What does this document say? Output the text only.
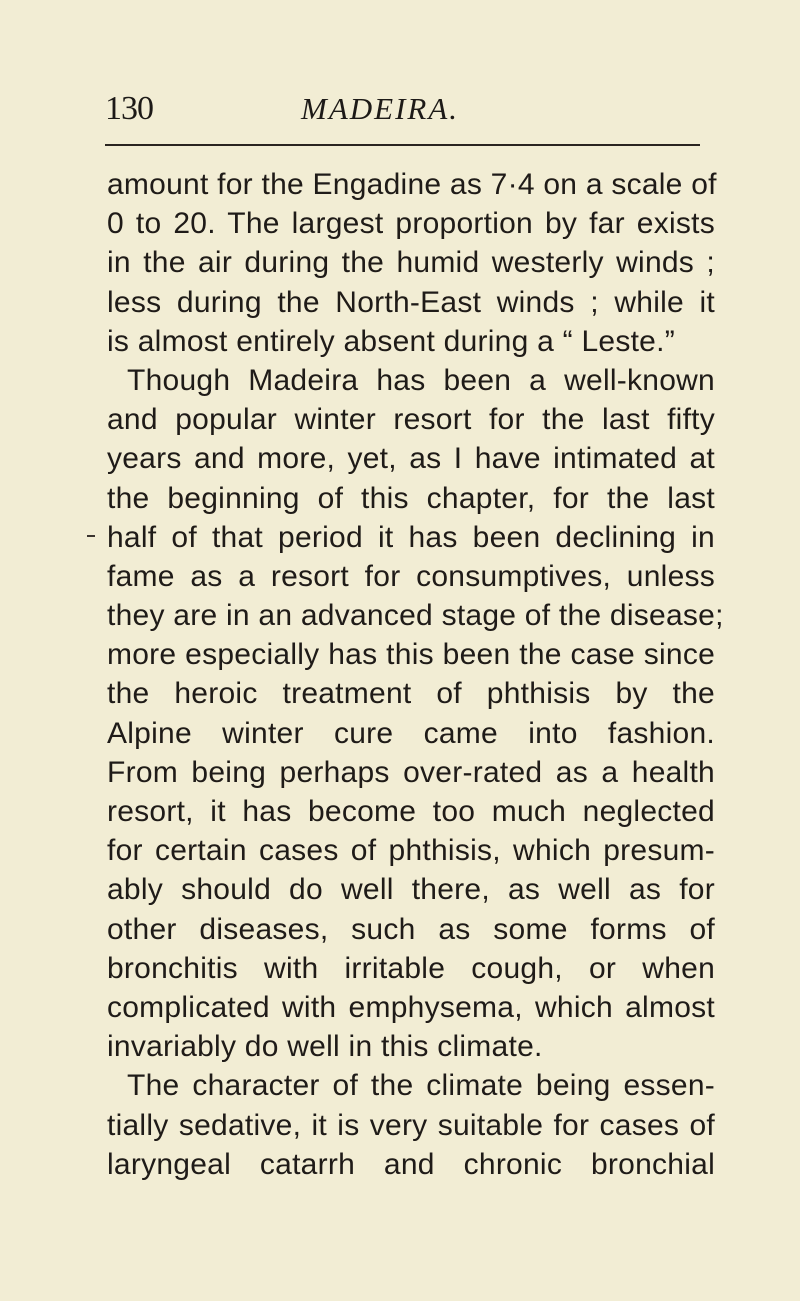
130	MADEIRA.
amount for the Engadine as 7·4 on a scale of
0 to 20. The largest proportion by far exists
in the air during the humid westerly winds ;
less during the North-East winds ; while it
is almost entirely absent during a “ Leste.”
Though Madeira has been a well-known
and popular winter resort for the last fifty
years and more, yet, as I have intimated at
the beginning of this chapter, for the last
half of that period it has been declining in
fame as a resort for consumptives, unless
they are in an advanced stage of the disease;
more especially has this been the case since
the heroic treatment of phthisis by the
Alpine winter cure came into fashion.
From being perhaps over-rated as a health
resort, it has become too much neglected
for certain cases of phthisis, which presum-
ably should do well there, as well as for
other diseases, such as some forms of
bronchitis with irritable cough, or when
complicated with emphysema, which almost
invariably do well in this climate.
The character of the climate being essen-
tially sedative, it is very suitable for cases of
laryngeal catarrh and chronic bronchial
